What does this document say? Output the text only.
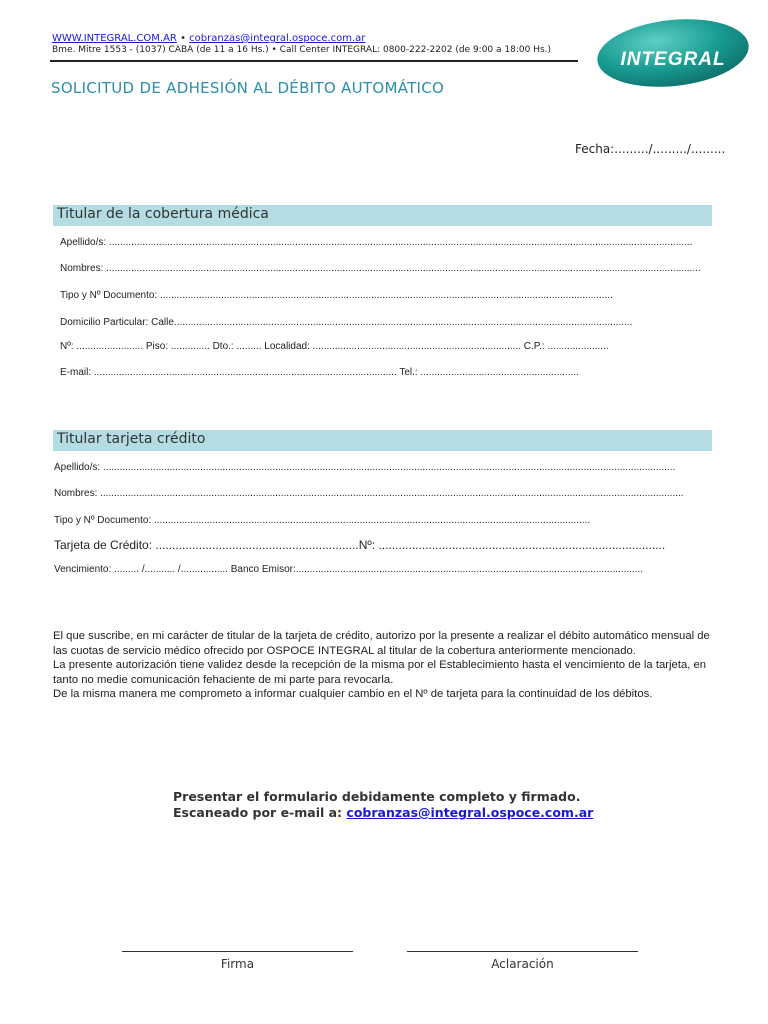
WWW.INTEGRAL.COM.AR • cobranzas@integral.ospoce.com.ar
Bme. Mitre 1553 - (1037) CABA (de 11 a 16 Hs.) • Call Center INTEGRAL: 0800-222-2202 (de 9:00 a 18:00 Hs.)	INTEGRAL
SOLICITUD DE ADHESIÓN AL DÉBITO AUTOMÁTICO
Fecha:........./........./.........
Titular de la cobertura médica
Apellido/s: ..................................................................................................................................................................................................................
Nombres: ......................................................................................................................................................................................................................
Tipo y Nº Documento: ...................................................................................................................................................................
Domicilio Particular: Calle.....................................................................................................................................................................
Nº: ........................ Piso: .............. Dto.: ......... Localidad: ........................................................................... C.P.: ......................
E-mail: ............................................................................................................. Tel.: .........................................................
Titular tarjeta crédito
Apellido/s: ..............................................................................................................................................................................................................
Nombres: ..................................................................................................................................................................................................................
Tipo y Nº Documento: .............................................................................................................................................................
Tarjeta de Crédito: .............................................................Nº: ......................................................................................
Vencimiento: ......... /........... /................. Banco Emisor:.............................................................................................................................

El que suscribe, en mi carácter de titular de la tarjeta de crédito, autorizo por la presente a realizar el débito automático mensual de las cuotas de servicio médico ofrecido por OSPOCE INTEGRAL al titular de la cobertura anteriormente mencionado.

La presente autorización tiene validez desde la recepción de la misma por el Establecimiento hasta el vencimiento de la tarjeta, en tanto no medie comunicación fehaciente de mi parte para revocarla.

De la misma manera me comprometo a informar cualquier cambio en el Nº de tarjeta para la continuidad de los débitos.

Presentar el formulario debidamente completo y firmado.
Escaneado por e-mail a: cobranzas@integral.ospoce.com.ar
Firma	Aclaración
